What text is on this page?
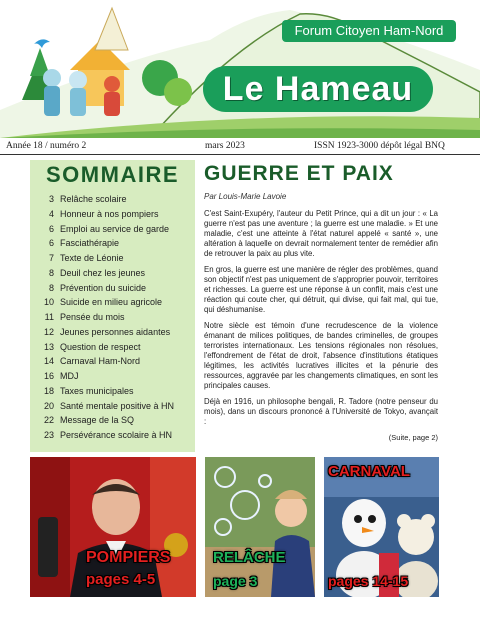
Forum Citoyen Ham-Nord
Le Hameau
Année 18 / numéro 2	mars 2023	ISSN 1923-3000 dépôt légal BNQ
SOMMAIRE
3 Relâche scolaire
4 Honneur à nos pompiers
6 Emploi au service de garde
6 Fasciathérapie
7 Texte de Léonie
8 Deuil chez les jeunes
8 Prévention du suicide
10 Suicide en milieu agricole
11 Pensée du mois
12 Jeunes personnes aidantes
13 Question de respect
14 Carnaval Ham-Nord
16 MDJ
18 Taxes municipales
20 Santé mentale positive à HN
22 Message de la SQ
23 Persévérance scolaire à HN
GUERRE ET PAIX
Par Louis-Marie Lavoie

C'est Saint-Exupéry, l'auteur du Petit Prince, qui a dit un jour : « La guerre n'est pas une aventure ; la guerre est une maladie. » Et une maladie, c'est une atteinte à l'état naturel appelé « santé », une altération à laquelle on devrait normalement tenter de remédier afin de retrouver la paix au plus vite.

En gros, la guerre est une manière de régler des problèmes, quand son objectif n'est pas uniquement de s'approprier pouvoir, territoires et richesses. La guerre est une réponse à un conflit, mais c'est une réaction qui coute cher, qui détruit, qui divise, qui fait mal, qui tue, qui déshumanise.

Notre siècle est témoin d'une recrudescence de la violence émanant de milices politiques, de bandes criminelles, de groupes terroristes internationaux. Les tensions régionales non résolues, l'effondrement de l'état de droit, l'absence d'institutions étatiques légitimes, les activités lucratives illicites et la pénurie des ressources, aggravée par les changements climatiques, en sont les principales causes.

Déjà en 1916, un philosophe bengali, R. Tadore (notre penseur du mois), dans un discours prononcé à l'Université de Tokyo, avançait :

(Suite, page 2)
POMPIERS
pages 4-5
RELÂCHE
page 3
CARNAVAL
pages 14-15
